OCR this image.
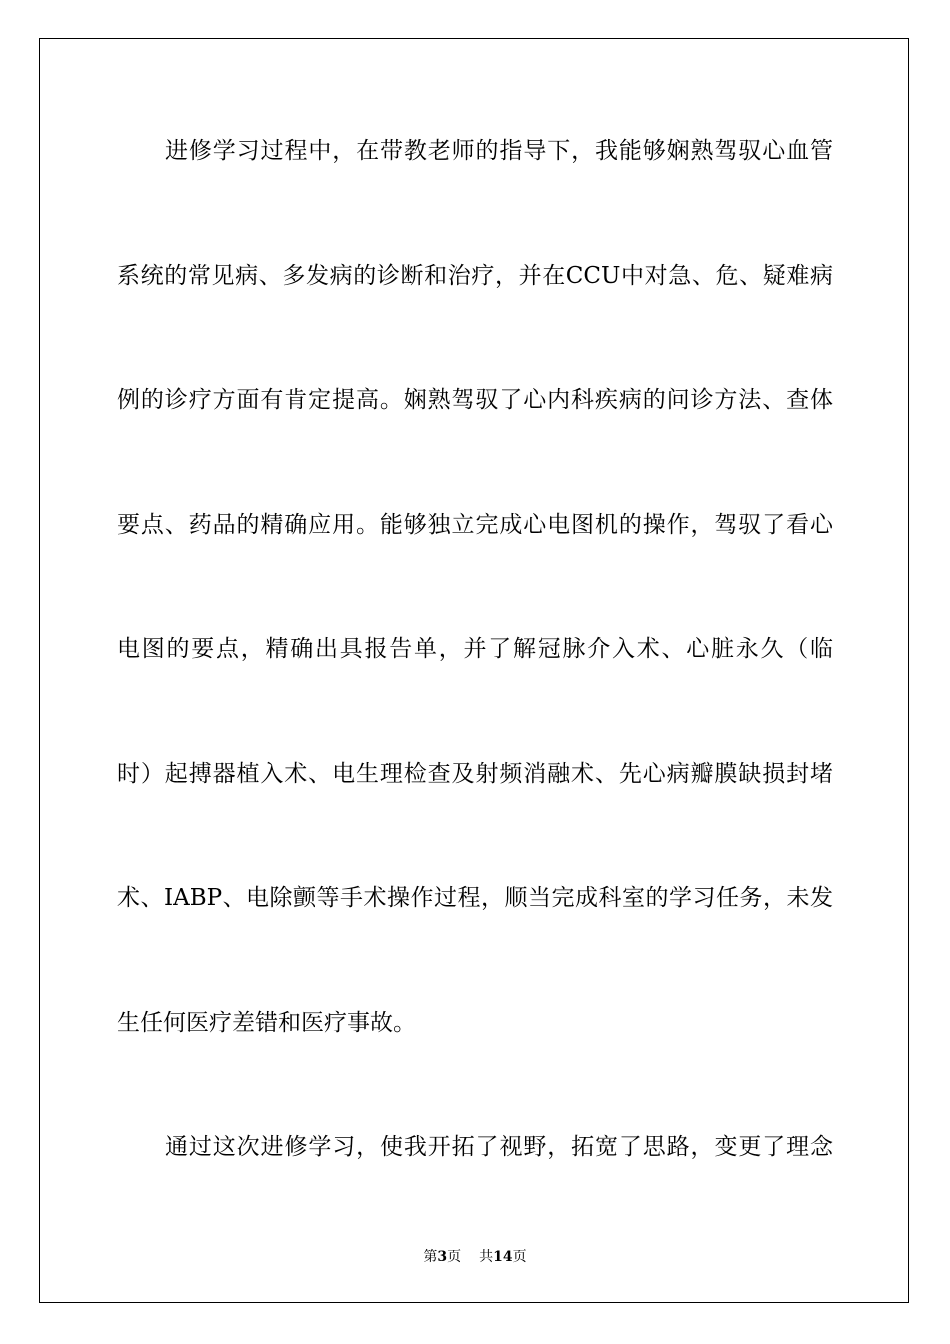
进修学习过程中，在带教老师的指导下，我能够娴熟驾驭心血管
系统的常见病、多发病的诊断和治疗，并在CCU中对急、危、疑难病
例的诊疗方面有肯定提高。娴熟驾驭了心内科疾病的问诊方法、查体
要点、药品的精确应用。能够独立完成心电图机的操作，驾驭了看心
电图的要点，精确出具报告单，并了解冠脉介入术、心脏永久（临
时）起搏器植入术、电生理检查及射频消融术、先心病瓣膜缺损封堵
术、IABP、电除颤等手术操作过程，顺当完成科室的学习任务，未发
生任何医疗差错和医疗事故。
通过这次进修学习，使我开拓了视野，拓宽了思路，变更了理念
第3页 共14页
